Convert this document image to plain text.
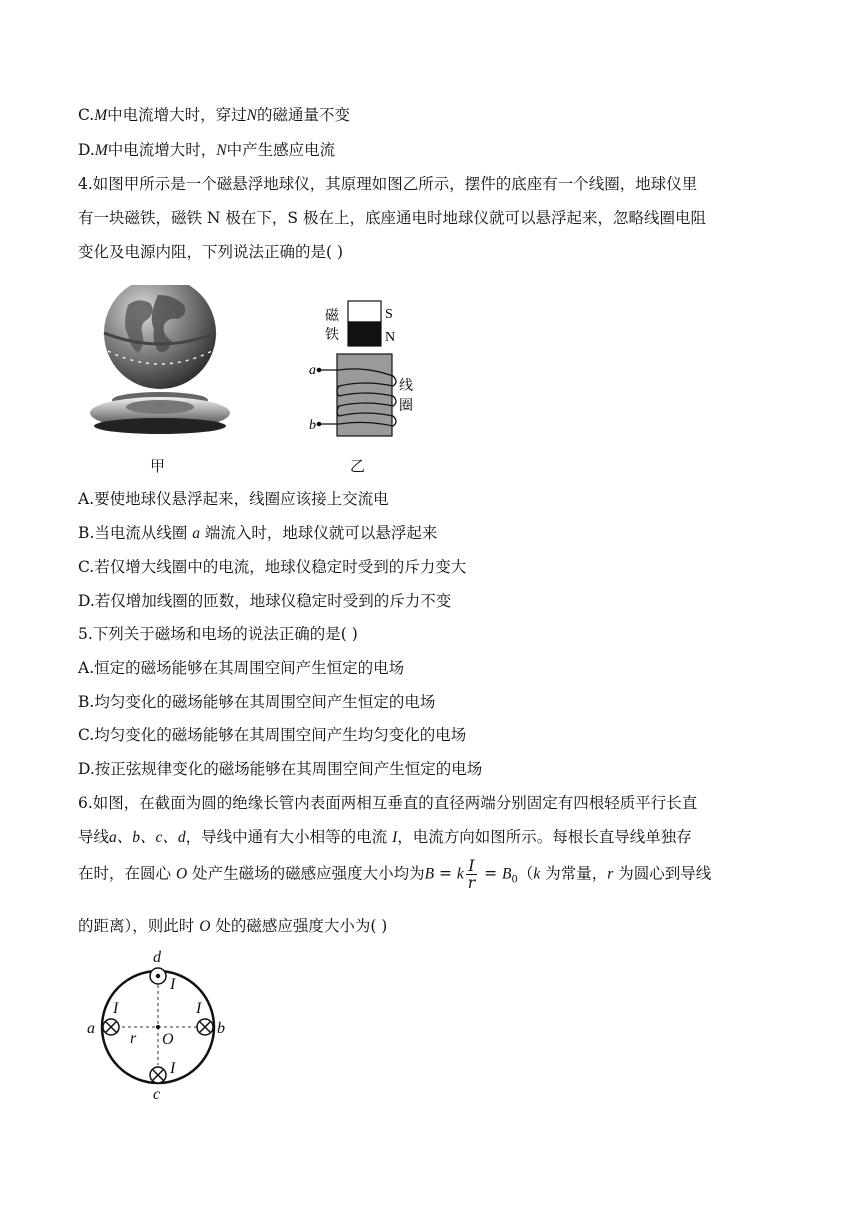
C.M中电流增大时，穿过N的磁通量不变
D.M中电流增大时，N中产生感应电流
4.如图甲所示是一个磁悬浮地球仪，其原理如图乙所示，摆件的底座有一个线圈，地球仪里
有一块磁铁，磁铁 N 极在下，S 极在上，底座通电时地球仪就可以悬浮起来，忽略线圈电阻
变化及电源内阻，下列说法正确的是( )
甲
S
N
磁
铁
a
b
线
圈
乙
A.要使地球仪悬浮起来，线圈应该接上交流电
B.当电流从线圈 a 端流入时，地球仪就可以悬浮起来
C.若仅增大线圈中的电流，地球仪稳定时受到的斥力变大
D.若仅增加线圈的匝数，地球仪稳定时受到的斥力不变
5.下列关于磁场和电场的说法正确的是( )
A.恒定的磁场能够在其周围空间产生恒定的电场
B.均匀变化的磁场能够在其周围空间产生恒定的电场
C.均匀变化的磁场能够在其周围空间产生均匀变化的电场
D.按正弦规律变化的磁场能够在其周围空间产生恒定的电场
6.如图，在截面为圆的绝缘长管内表面两相互垂直的直径两端分别固定有四根轻质平行长直
导线a、b、c、d，导线中通有大小相等的电流 I，电流方向如图所示。每根长直导线单独存
在时，在圆心 O 处产生磁场的磁感应强度大小均为B = k $\frac{I}{r} = B_0(k$ 为常量，r 为圆心到导线
的距离），则此时 O 处的磁感应强度大小为( )
d
I
a
I
b
I
c
I
O
r
